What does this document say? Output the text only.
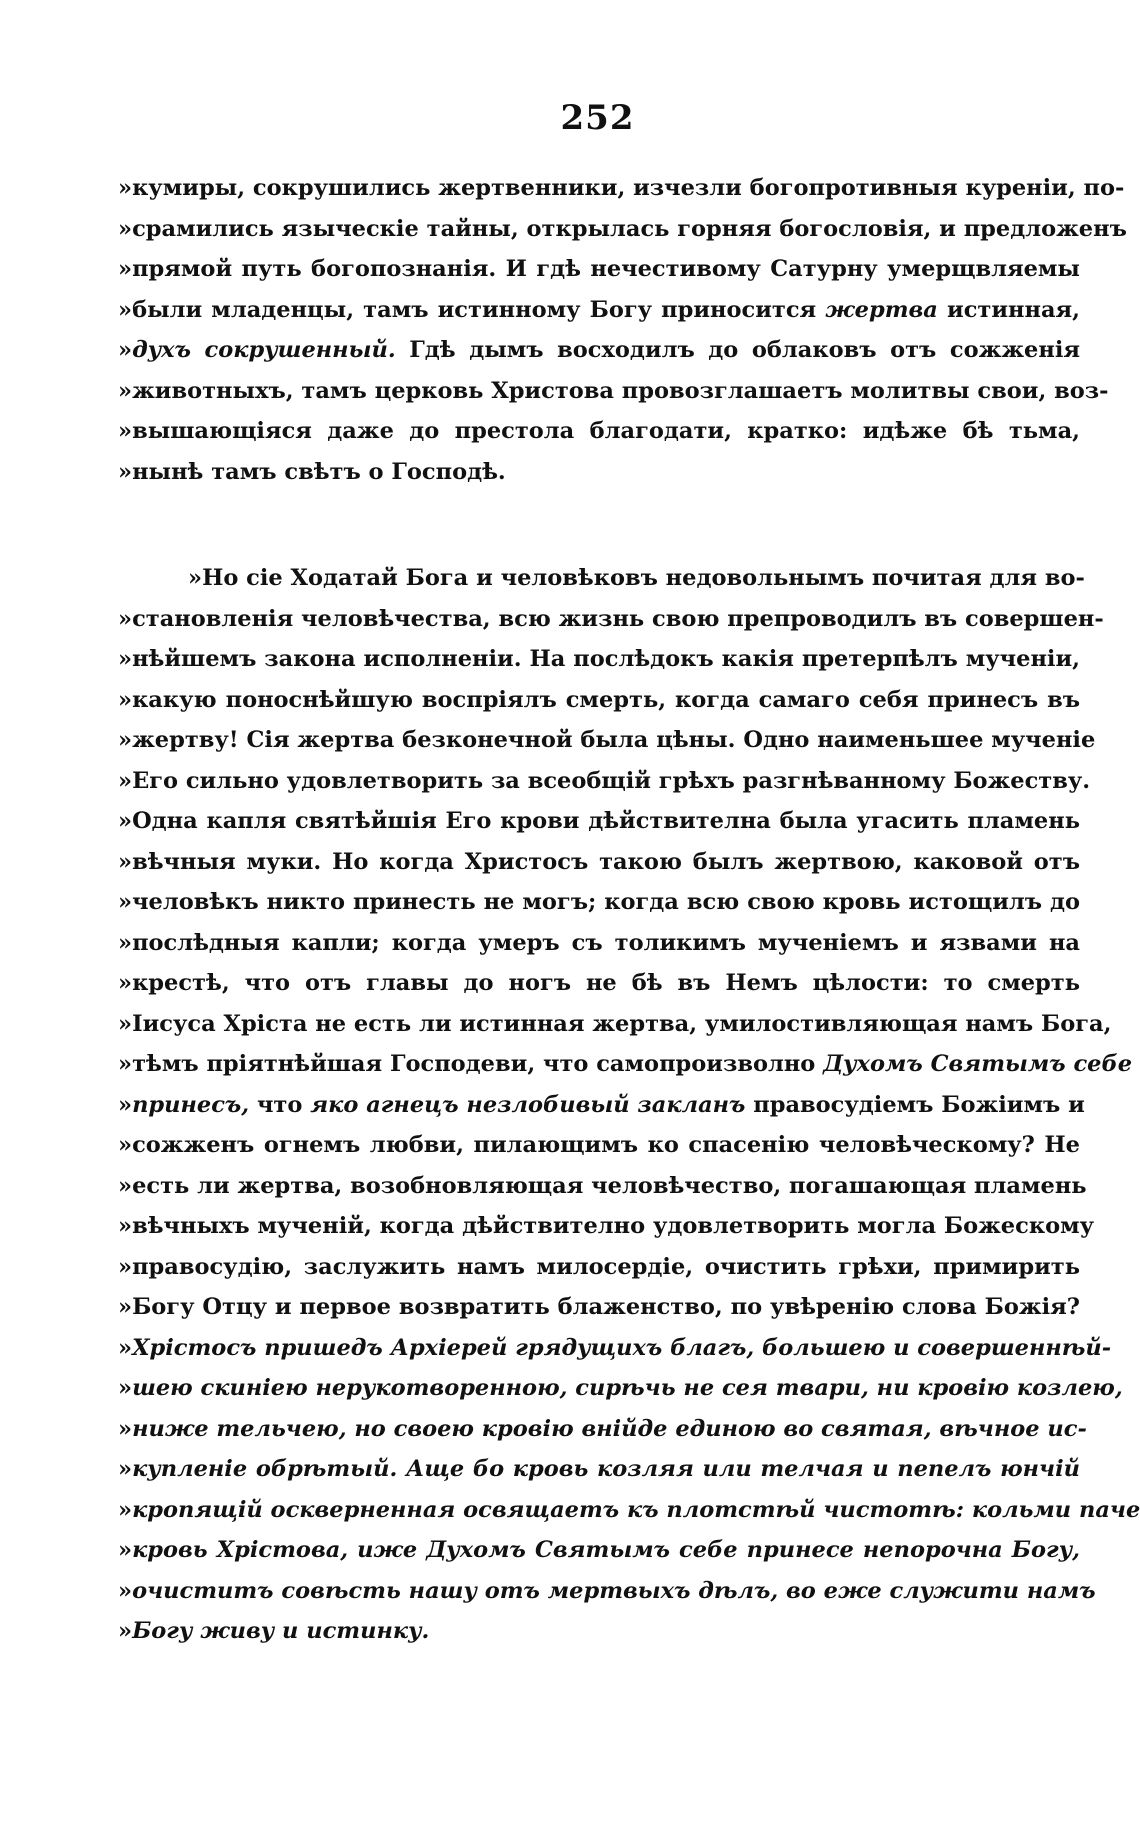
252
»кумиры, сокрушились жертвенники, изчезли богопротивныя куренiи, по-
»срамились языческiе тайны, открылась горняя богословiя, и предложенъ
»прямой путь богопознанiя. И гдѣ нечестивому Сатурну умерщвляемы
»были младенцы, тамъ истинному Богу приносится жертва истинная,
»духъ сокрушенный. Гдѣ дымъ восходилъ до облаковъ отъ сожженiя
»животныхъ, тамъ церковь Христова провозглашаетъ молитвы свои, воз-
»вышающiяся даже до престола благодати, кратко: идѣже бѣ тьма,
»нынѣ тамъ свѣтъ о Господѣ.
»Но сiе Ходатай Бога и человѣковъ недовольнымъ почитая для во-
»становленiя человѣчества, всю жизнь свою препроводилъ въ совершен-
»нѣйшемъ закона исполненiи. На послѣдокъ какiя претерпѣлъ мученiи,
»какую поноснѣйшую воспрiялъ смерть, когда самаго себя принесъ въ
»жертву! Сiя жертва безконечной была цѣны. Одно наименьшее мученiе
»Его сильно удовлетворить за всеобщiй грѣхъ разгнѣванному Божеству.
»Одна капля святѣйшiя Его крови дѣйствителна была угасить пламень
»вѣчныя муки. Но когда Христосъ такою былъ жертвою, каковой отъ
»человѣкъ никто принесть не могъ; когда всю свою кровь истощилъ до
»послѣдныя капли; когда умеръ съ толикимъ мученiемъ и язвами на
»крестѣ, что отъ главы до ногъ не бѣ въ Немъ цѣлости: то смерть
»Iисуса Хрiста не есть ли истинная жертва, умилостивляющая намъ Бога,
»тѣмъ прiятнѣйшая Господеви, что самопроизволно Духомъ Святымъ себе
»принесъ, что яко агнецъ незлобивый закланъ правосудiемъ Божiимъ и
»сожженъ огнемъ любви, пилающимъ ко спасенiю человѣческому? Не
»есть ли жертва, возобновляющая человѣчество, погашающая пламень
»вѣчныхъ мученiй, когда дѣйствително удовлетворить могла Божескому
»правосудiю, заслужить намъ милосердiе, очистить грѣхи, примирить
»Богу Отцу и первое возвратить блаженство, по увѣренiю слова Божiя?
»Хрiстосъ пришедъ Архiерей грядущихъ благъ, большею и совершеннѣй-
»шею скинiею нерукотворенною, сирѣчь не сея твари, ни кровiю козлею,
»ниже тельчею, но своею кровiю внiйде единою во святая, вѣчное ис-
»купленiе обрѣтый. Аще бо кровь козляя или телчая и пепелъ юнчiй
»кропящiй оскверненная освящаетъ къ плотстѣй чистотѣ: кольми паче
»кровь Хрiстова, иже Духомъ Святымъ себе принесе непорочна Богу,
»очиститъ совѣсть нашу отъ мертвыхъ дѣлъ, во еже служити намъ
»Богу живу и истинку.
